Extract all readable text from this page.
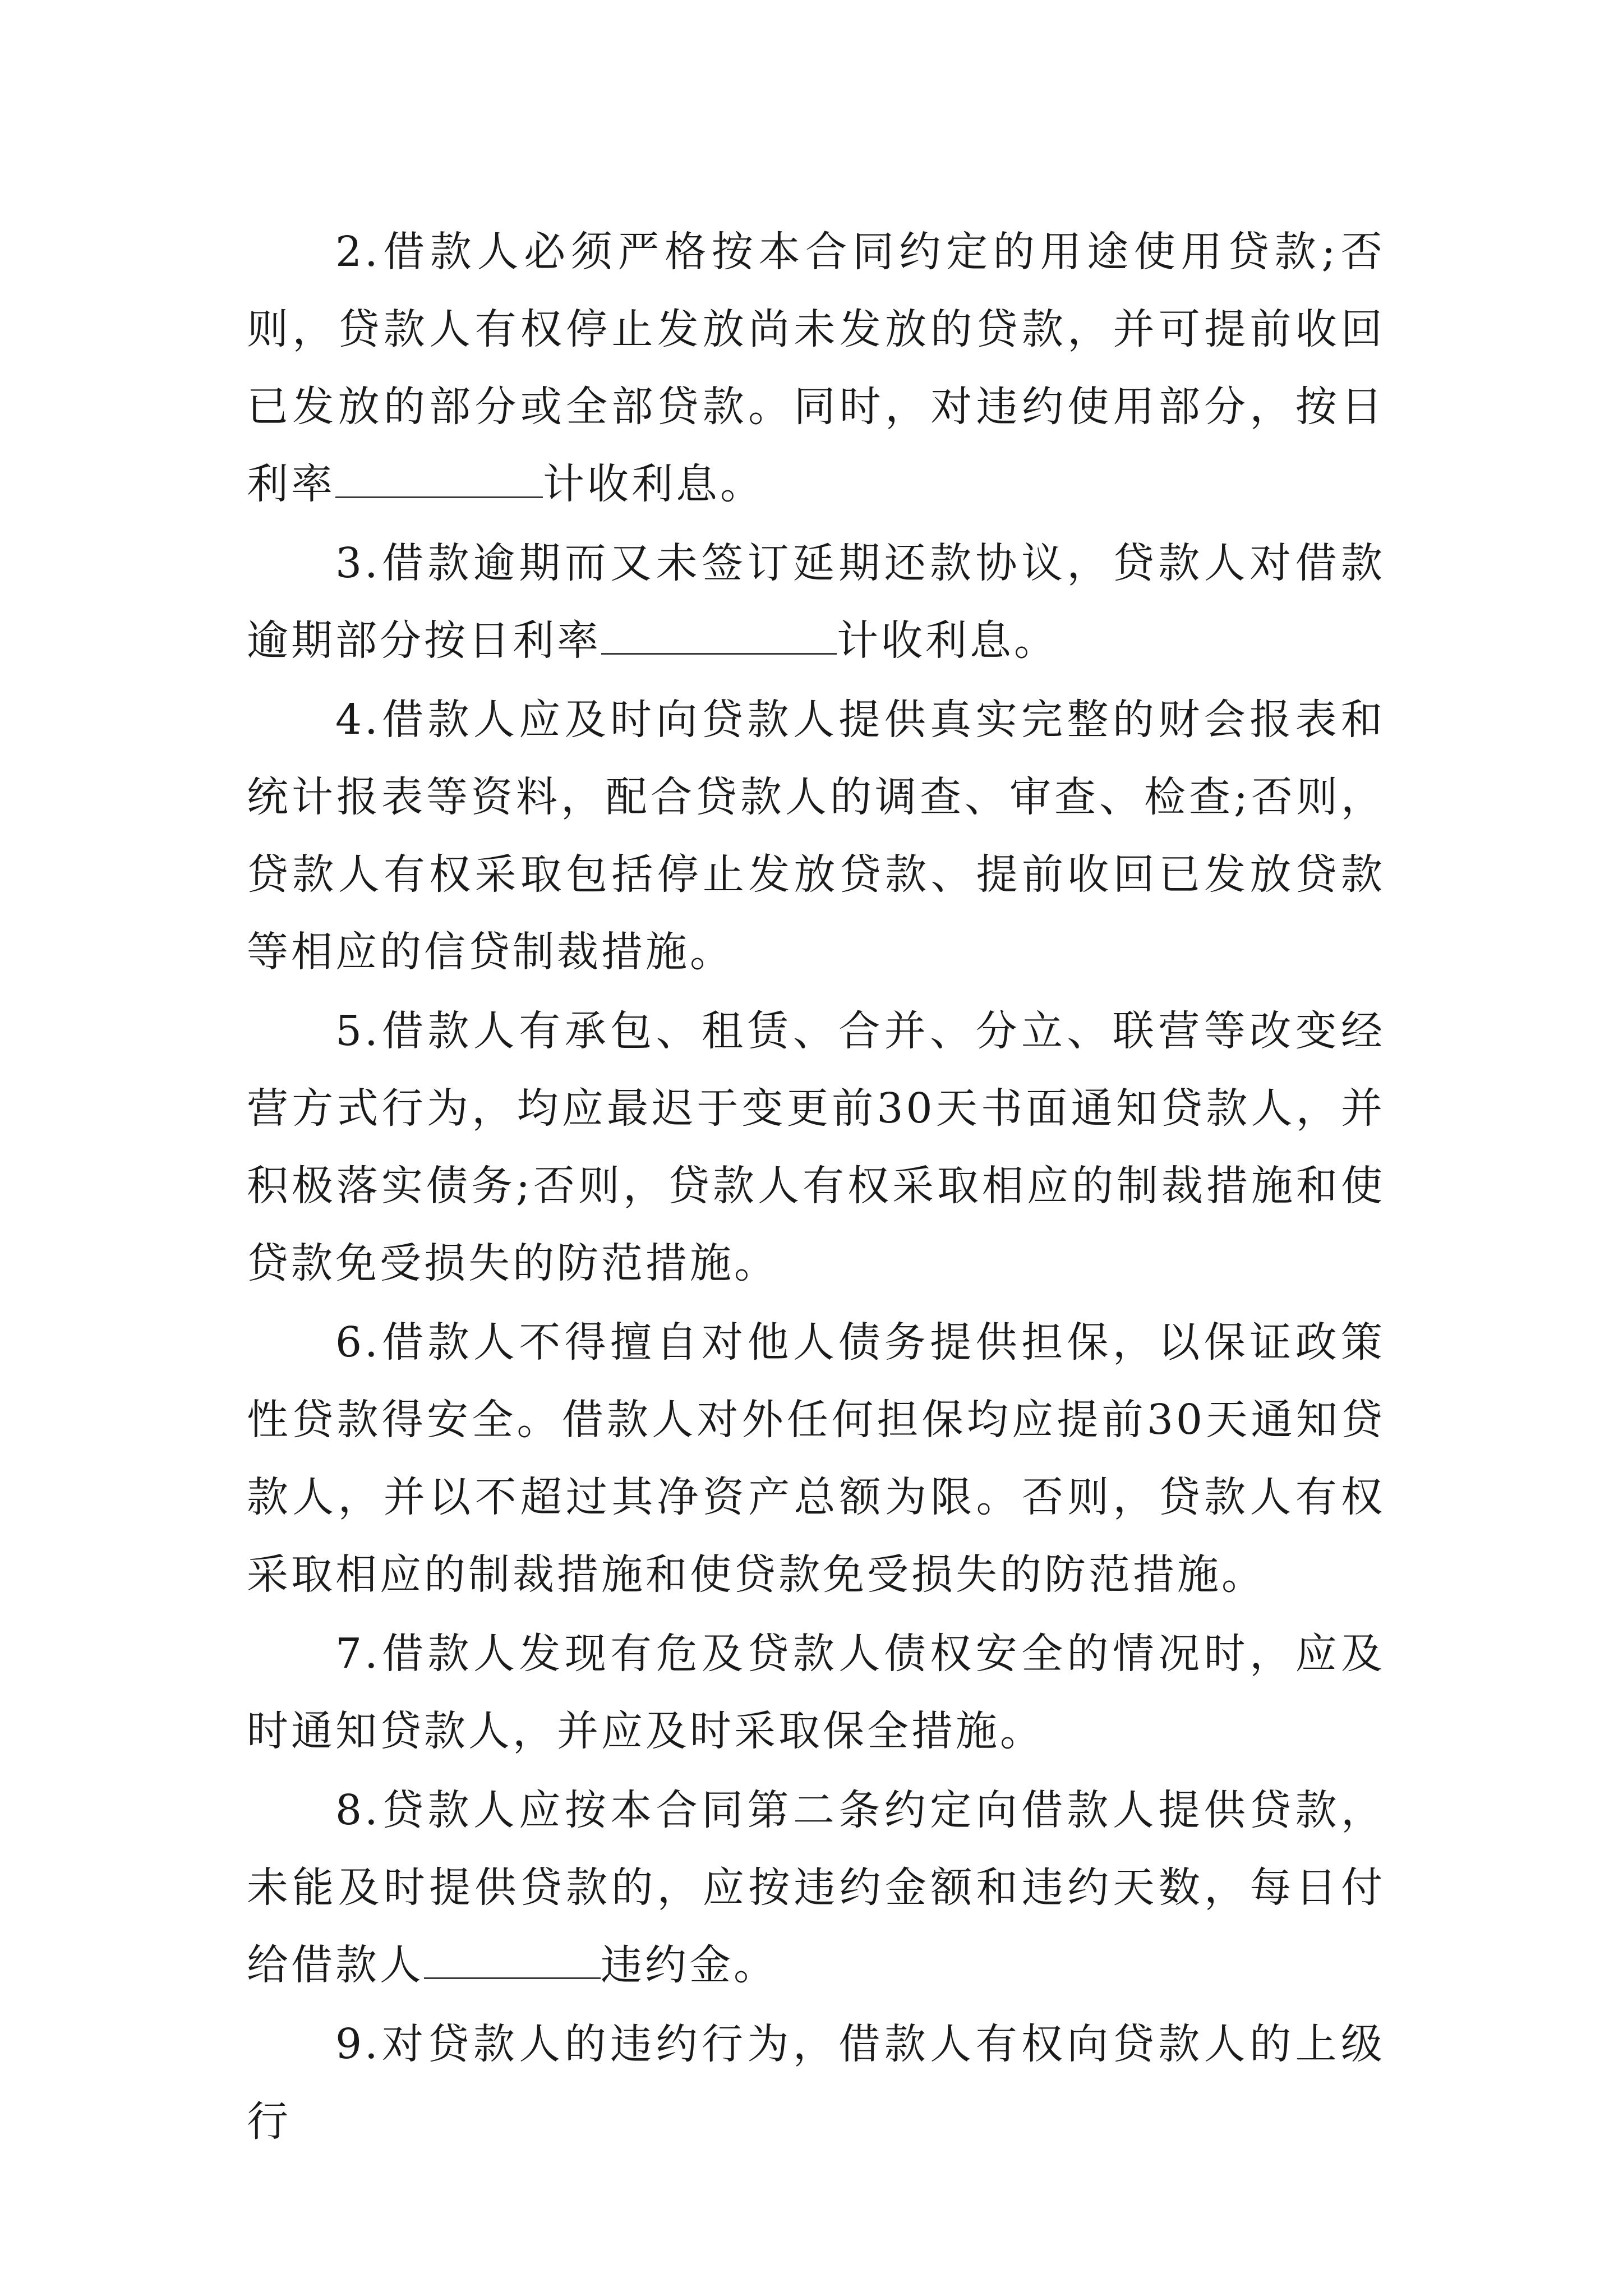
2.借款人必须严格按本合同约定的用途使用贷款;否则，贷款人有权停止发放尚未发放的贷款，并可提前收回已发放的部分或全部贷款。同时，对违约使用部分，按日利率	计收利息。

3.借款逾期而又未签订延期还款协议，贷款人对借款逾期部分按日利率	计收利息。

4.借款人应及时向贷款人提供真实完整的财会报表和统计报表等资料，配合贷款人的调查、审查、检查;否则，贷款人有权采取包括停止发放贷款、提前收回已发放贷款等相应的信贷制裁措施。

5.借款人有承包、租赁、合并、分立、联营等改变经营方式行为，均应最迟于变更前30天书面通知贷款人，并积极落实债务;否则，贷款人有权采取相应的制裁措施和使贷款免受损失的防范措施。

6.借款人不得擅自对他人债务提供担保，以保证政策性贷款得安全。借款人对外任何担保均应提前30天通知贷款人，并以不超过其净资产总额为限。否则，贷款人有权采取相应的制裁措施和使贷款免受损失的防范措施。

7.借款人发现有危及贷款人债权安全的情况时，应及时通知贷款人，并应及时采取保全措施。

8.贷款人应按本合同第二条约定向借款人提供贷款，未能及时提供贷款的，应按违约金额和违约天数，每日付给借款人	违约金。

9.对贷款人的违约行为，借款人有权向贷款人的上级行
